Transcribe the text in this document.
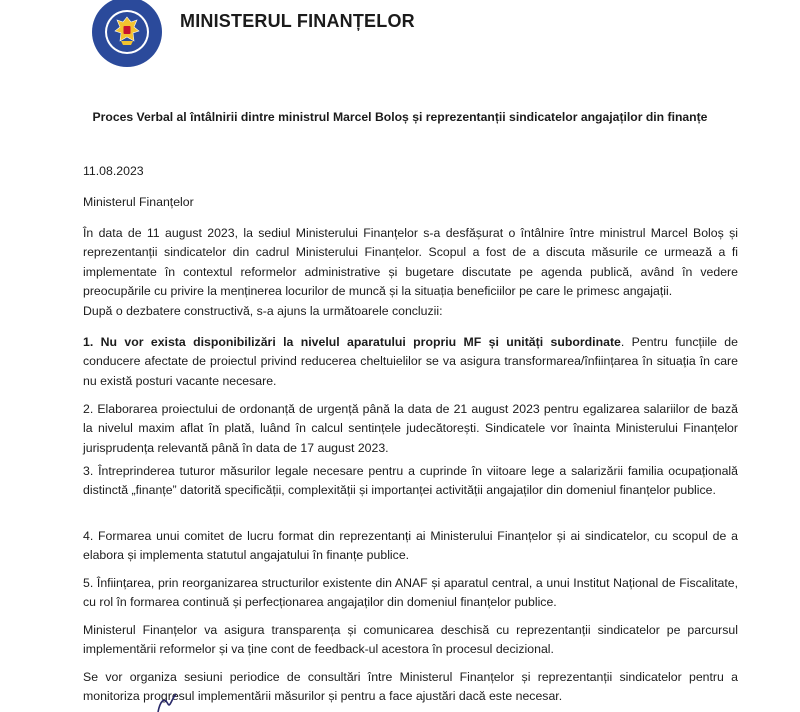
MINISTERUL FINANȚELOR
Proces Verbal al întâlnirii dintre ministrul Marcel Boloș și reprezentanții sindicatelor angajaților din finanțe
11.08.2023
Ministerul Finanțelor

În data de 11 august 2023, la sediul Ministerului Finanțelor s-a desfășurat o întâlnire între ministrul Marcel Boloș și reprezentanții sindicatelor din cadrul Ministerului Finanțelor. Scopul a fost de a discuta măsurile ce urmează a fi implementate în contextul reformelor administrative și bugetare discutate pe agenda publică, având în vedere preocupările cu privire la menținerea locurilor de muncă și la situația beneficiilor pe care le primesc angajații.

După o dezbatere constructivă, s-a ajuns la următoarele concluzii:

1. Nu vor exista disponibilizări la nivelul aparatului propriu MF și unități subordinate. Pentru funcțiile de conducere afectate de proiectul privind reducerea cheltuielilor se va asigura transformarea/înființarea în situația în care nu există posturi vacante necesare.

2. Elaborarea proiectului de ordonanță de urgență până la data de 21 august 2023 pentru egalizarea salariilor de bază la nivelul maxim aflat în plată, luând în calcul sentințele judecătorești. Sindicatele vor înainta Ministerului Finanțelor jurisprudența relevantă până în data de 17 august 2023.

3. Întreprinderea tuturor măsurilor legale necesare pentru a cuprinde în viitoare lege a salarizării familia ocupațională distinctă „finanțe” datorită specificății, complexității și importanței activității angajaților din domeniul finanțelor publice.

4. Formarea unui comitet de lucru format din reprezentanți ai Ministerului Finanțelor și ai sindicatelor, cu scopul de a elabora și implementa statutul angajatului în finanțe publice.

5. Înființarea, prin reorganizarea structurilor existente din ANAF și aparatul central, a unui Institut Național de Fiscalitate, cu rol în formarea continuă și perfecționarea angajaților din domeniul finanțelor publice.

Ministerul Finanțelor va asigura transparența și comunicarea deschisă cu reprezentanții sindicatelor pe parcursul implementării reformelor și va ține cont de feedback-ul acestora în procesul decizional.

Se vor organiza sesiuni periodice de consultări între Ministerul Finanțelor și reprezentanții sindicatelor pentru a monitoriza progresul implementării măsurilor și pentru a face ajustări dacă este necesar.
